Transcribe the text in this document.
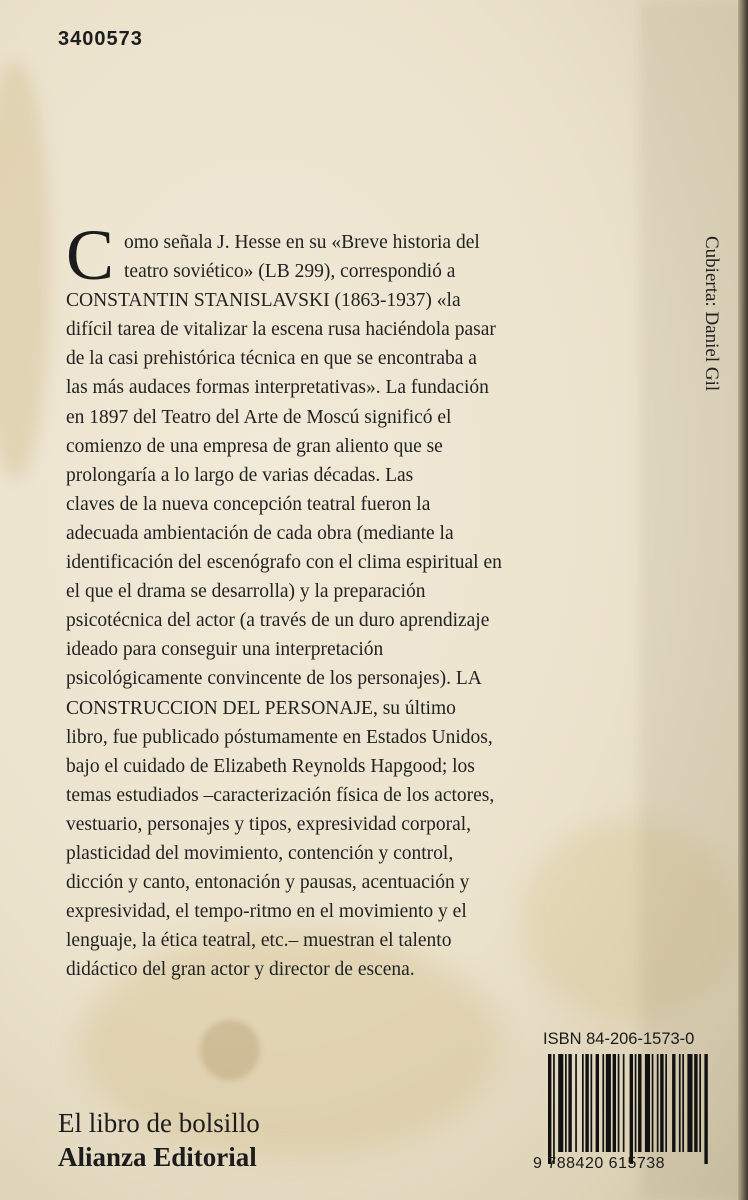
3400573
C omo señala J. Hesse en su «Breve historia del
teatro soviético» (LB 299), correspondió a
CONSTANTIN STANISLAVSKI (1863-1937) «la
difícil tarea de vitalizar la escena rusa haciéndola pasar
de la casi prehistórica técnica en que se encontraba a
las más audaces formas interpretativas». La fundación
en 1897 del Teatro del Arte de Moscú significó el
comienzo de una empresa de gran aliento que se
prolongaría a lo largo de varias décadas. Las
claves de la nueva concepción teatral fueron la
adecuada ambientación de cada obra (mediante la
identificación del escenógrafo con el clima espiritual en
el que el drama se desarrolla) y la preparación
psicotécnica del actor (a través de un duro aprendizaje
ideado para conseguir una interpretación
psicológicamente convincente de los personajes). LA
CONSTRUCCION DEL PERSONAJE, su último
libro, fue publicado póstumamente en Estados Unidos,
bajo el cuidado de Elizabeth Reynolds Hapgood; los
temas estudiados –caracterización física de los actores,
vestuario, personajes y tipos, expresividad corporal,
plasticidad del movimiento, contención y control,
dicción y canto, entonación y pausas, acentuación y
expresividad, el tempo-ritmo en el movimiento y el
lenguaje, la ética teatral, etc.– muestran el talento
didáctico del gran actor y director de escena.
Cubierta: Daniel Gil
ISBN 84-206-1573-0
9 788420 615738
El libro de bolsillo
Alianza Editorial
